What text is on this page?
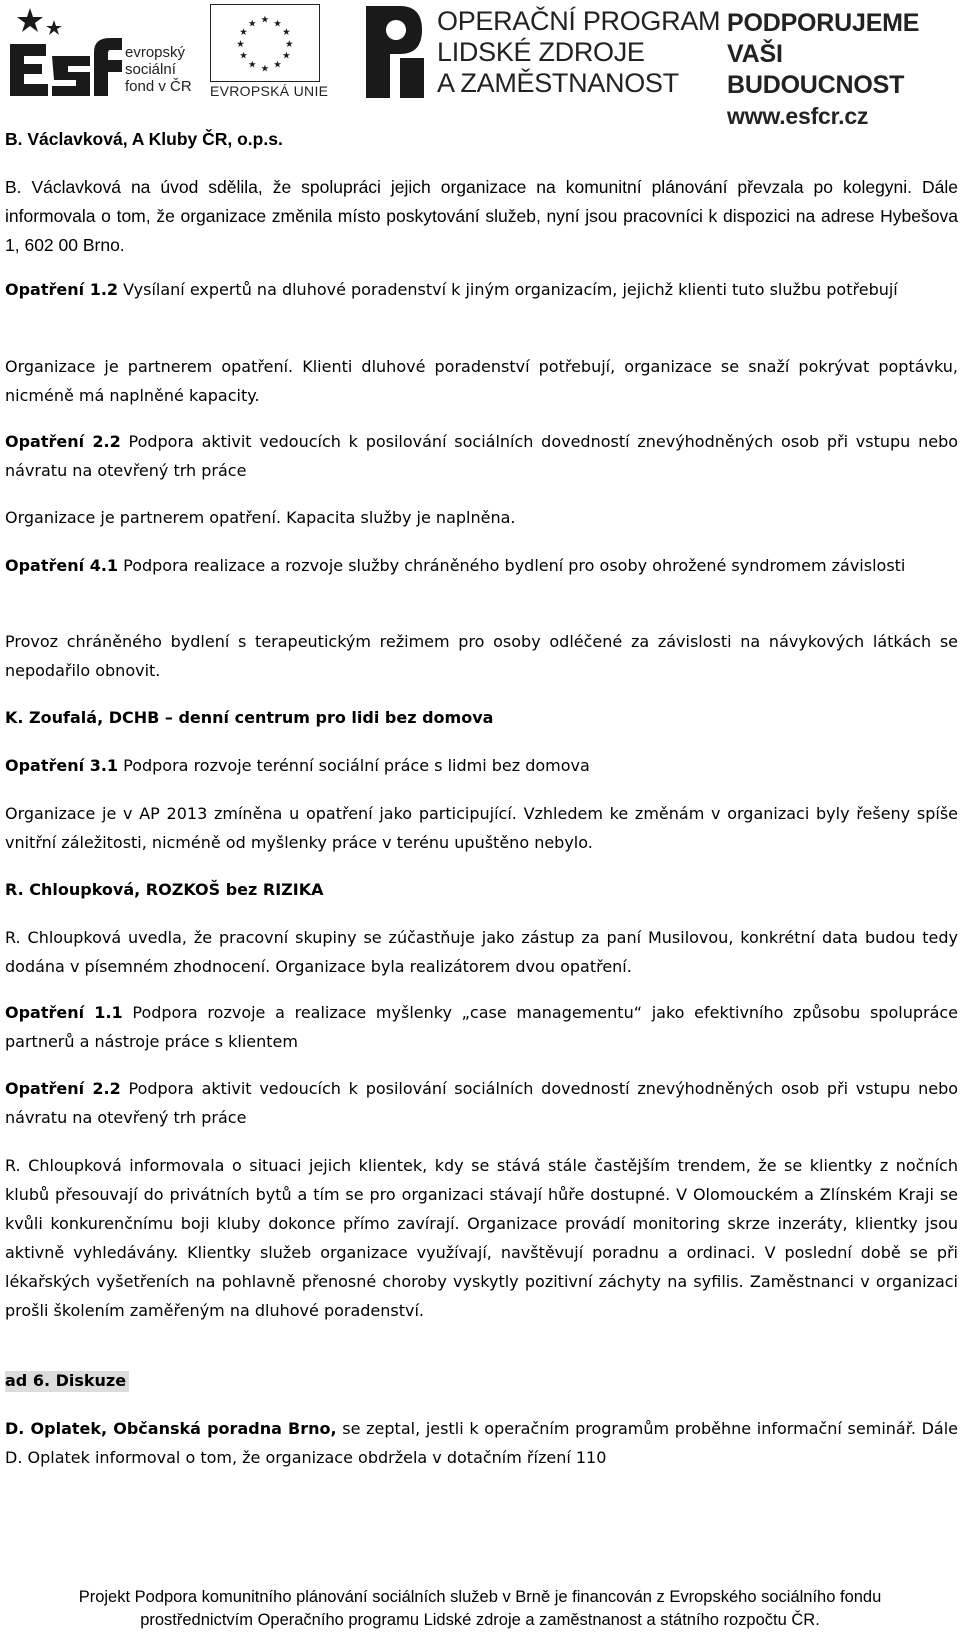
evropský
sociální
fond v ČR
★ ★
★
★
★
★
★
★
★
★
★
★
EVROPSKÁ UNIE
OPERAČNÍ PROGRAM
LIDSKÉ ZDROJE
A ZAMĚSTNANOST
PODPORUJEME
VAŠI BUDOUCNOST
www.esfcr.cz

B. Václavková, A Kluby ČR, o.p.s.

B. Václavková na úvod sdělila, že spolupráci jejich organizace na komunitní plánování převzala po kolegyni. Dále informovala o tom, že organizace změnila místo poskytování služeb, nyní jsou pracovníci k dispozici na adrese Hybešova 1, 602 00 Brno.

Opatření 1.2 Vysílaní expertů na dluhové poradenství k jiným organizacím, jejichž klienti tuto službu potřebují

Organizace je partnerem opatření. Klienti dluhové poradenství potřebují, organizace se snaží pokrývat poptávku, nicméně má naplněné kapacity.

Opatření 2.2 Podpora aktivit vedoucích k posilování sociálních dovedností znevýhodněných osob při vstupu nebo návratu na otevřený trh práce

Organizace je partnerem opatření. Kapacita služby je naplněna.

Opatření 4.1 Podpora realizace a rozvoje služby chráněného bydlení pro osoby ohrožené syndromem závislosti

Provoz chráněného bydlení s terapeutickým režimem pro osoby odléčené za závislosti na návykových látkách se nepodařilo obnovit.

K. Zoufalá, DCHB – denní centrum pro lidi bez domova

Opatření 3.1 Podpora rozvoje terénní sociální práce s lidmi bez domova

Organizace je v AP 2013 zmíněna u opatření jako participující. Vzhledem ke změnám v organizaci byly řešeny spíše vnitřní záležitosti, nicméně od myšlenky práce v terénu upuštěno nebylo.

R. Chloupková, ROZKOŠ bez RIZIKA

R. Chloupková uvedla, že pracovní skupiny se zúčastňuje jako zástup za paní Musilovou, konkrétní data budou tedy dodána v písemném zhodnocení. Organizace byla realizátorem dvou opatření.

Opatření 1.1 Podpora rozvoje a realizace myšlenky „case managementu“ jako efektivního způsobu spolupráce partnerů a nástroje práce s klientem
Opatření 2.2 Podpora aktivit vedoucích k posilování sociálních dovedností znevýhodněných osob při vstupu nebo návratu na otevřený trh práce

R. Chloupková informovala o situaci jejich klientek, kdy se stává stále častějším trendem, že se klientky z nočních klubů přesouvají do privátních bytů a tím se pro organizaci stávají hůře dostupné. V Olomouckém a Zlínském Kraji se kvůli konkurenčnímu boji kluby dokonce přímo zavírají. Organizace provádí monitoring skrze inzeráty, klientky jsou aktivně vyhledávány. Klientky služeb organizace využívají, navštěvují poradnu a ordinaci. V poslední době se při lékařských vyšetřeních na pohlavně přenosné choroby vyskytly pozitivní záchyty na syfilis. Zaměstnanci v organizaci prošli školením zaměřeným na dluhové poradenství.

ad 6. Diskuze
D. Oplatek, Občanská poradna Brno, se zeptal, jestli k operačním programům proběhne informační seminář. Dále D. Oplatek informoval o tom, že organizace obdržela v dotačním řízení 110
Projekt Podpora komunitního plánování sociálních služeb v Brně je financován z Evropského sociálního fondu
prostřednictvím Operačního programu Lidské zdroje a zaměstnanost a státního rozpočtu ČR.
